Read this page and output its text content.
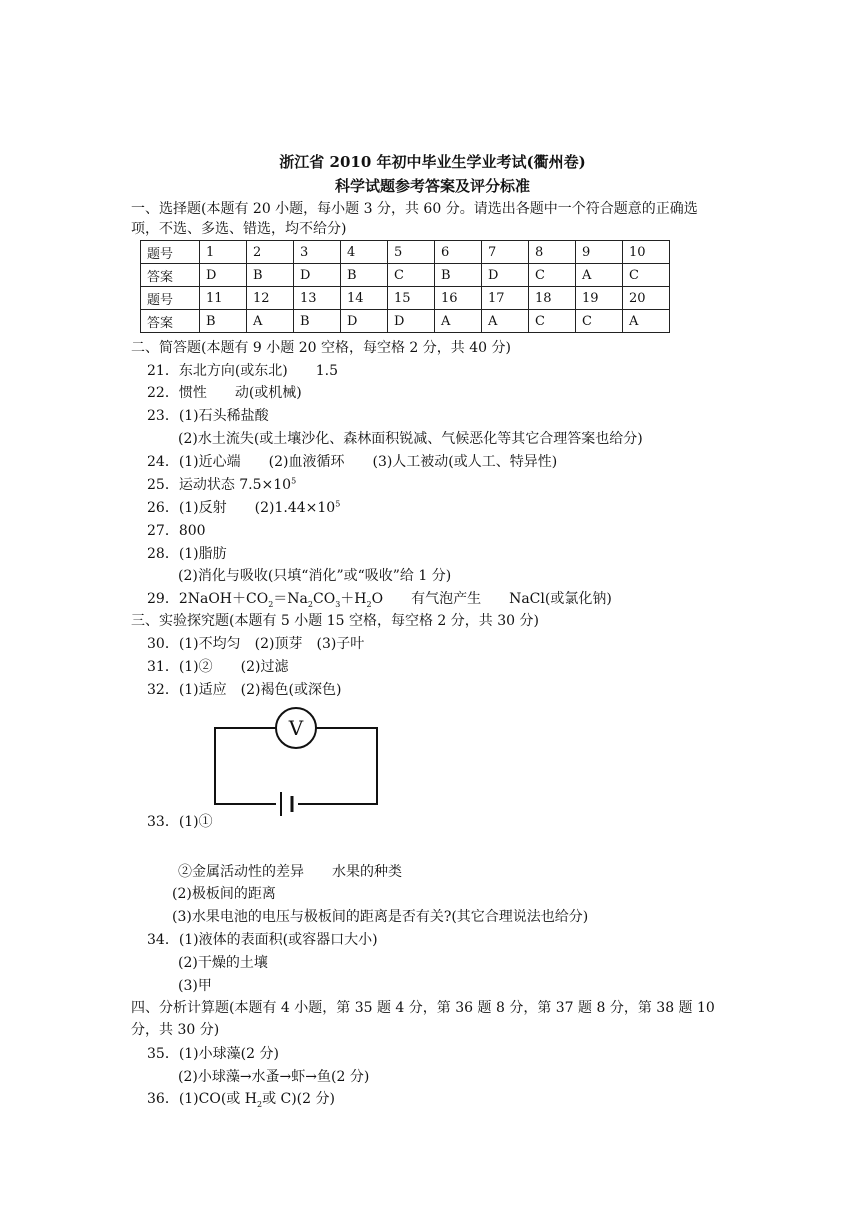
浙江省 2010 年初中毕业生学业考试(衢州卷)
科学试题参考答案及评分标准
一、选择题(本题有 20 小题，每小题 3 分，共 60 分。请选出各题中一个符合题意的正确选
项，不选、多选、错选，均不给分)
题号	1	2	3	4	5	6	7	8	9	10
答案	D	B	D	B	C	B	D	C	A	C
题号	11	12	13	14	15	16	17	18	19	20
答案	B	A	B	D	D	A	A	C	C	A
二、简答题(本题有 9 小题 20 空格，每空格 2 分，共 40 分)
21．东北方向(或东北)　　1.5
22．惯性　　动(或机械)
23．(1)石头稀盐酸
(2)水土流失(或土壤沙化、森林面积锐减、气候恶化等其它合理答案也给分)
24．(1)近心端　　(2)血液循环　　(3)人工被动(或人工、特异性)
25．运动状态 $7.5\times 10^5$
26．(1)反射　　$(2)1.44\times 10^5$
27．800
28．(1)脂肪
(2)消化与吸收(只填“消化”或“吸收”给 1 分)
29．$2NaOH+CO_2=Na_2CO_3+H_2O$　　有气泡产生　　NaCl(或氯化钠)
三、实验探究题(本题有 5 小题 15 空格，每空格 2 分，共 30 分)
30．(1)不均匀　(2)顶芽　(3)子叶
31．(1)②　　(2)过滤
32．(1)适应　(2)褐色(或深色)
V
33．(1)①
②金属活动性的差异　　水果的种类
(2)极板间的距离
(3)水果电池的电压与极板间的距离是否有关?(其它合理说法也给分)
34．(1)液体的表面积(或容器口大小)
(2)干燥的土壤
(3)甲
四、分析计算题(本题有 4 小题，第 35 题 4 分，第 36 题 8 分，第 37 题 8 分，第 38 题 10
分，共 30 分)
35．(1)小球藻(2 分)
(2)小球藻→水蚤→虾→鱼(2 分)
36．(1)CO(或 $H_2$或 C)(2 分)
